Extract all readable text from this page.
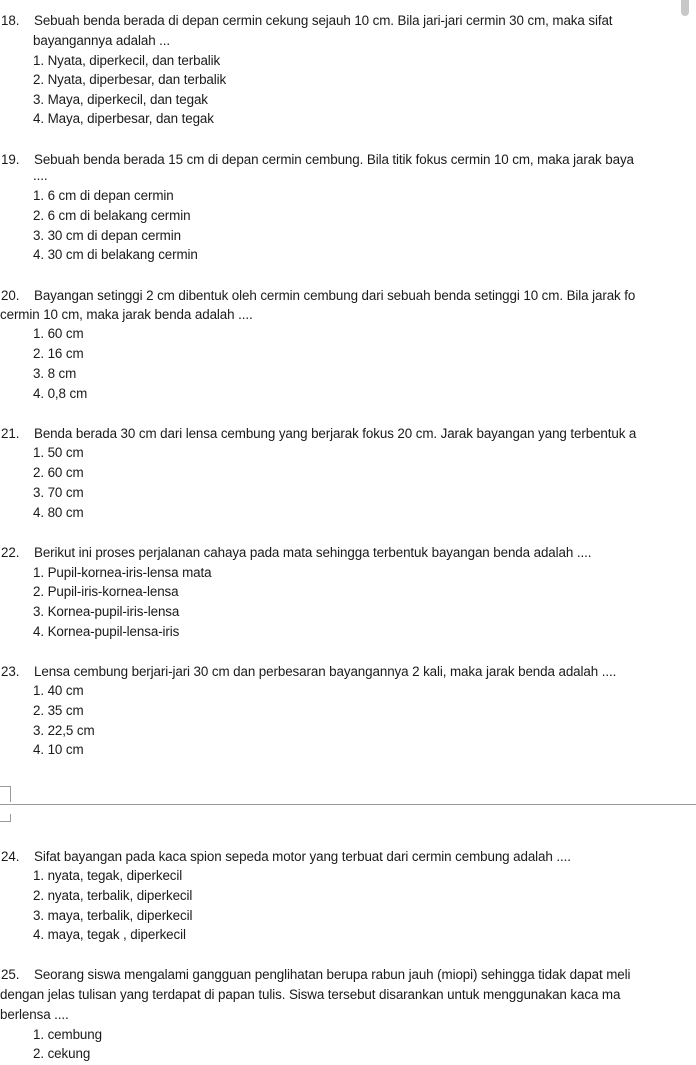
18. Sebuah benda berada di depan cermin cekung sejauh 10 cm. Bila jari-jari cermin 30 cm, maka sifat
bayangannya adalah ...
1. Nyata, diperkecil, dan terbalik
2. Nyata, diperbesar, dan terbalik
3. Maya, diperkecil, dan tegak
4. Maya, diperbesar, dan tegak
19. Sebuah benda berada 15 cm di depan cermin cembung. Bila titik fokus cermin 10 cm, maka jarak baya
....
1. 6 cm di depan cermin
2. 6 cm di belakang cermin
3. 30 cm di depan cermin
4. 30 cm di belakang cermin
20. Bayangan setinggi 2 cm dibentuk oleh cermin cembung dari sebuah benda setinggi 10 cm. Bila jarak fo
cermin 10 cm, maka jarak benda adalah ....
1. 60 cm
2. 16 cm
3. 8 cm
4. 0,8 cm
21. Benda berada 30 cm dari lensa cembung yang berjarak fokus 20 cm. Jarak bayangan yang terbentuk a
1. 50 cm
2. 60 cm
3. 70 cm
4. 80 cm
22. Berikut ini proses perjalanan cahaya pada mata sehingga terbentuk bayangan benda adalah ....
1. Pupil-kornea-iris-lensa mata
2. Pupil-iris-kornea-lensa
3. Kornea-pupil-iris-lensa
4. Kornea-pupil-lensa-iris
23. Lensa cembung berjari-jari 30 cm dan perbesaran bayangannya 2 kali, maka jarak benda adalah ....
1. 40 cm
2. 35 cm
3. 22,5 cm
4. 10 cm
24. Sifat bayangan pada kaca spion sepeda motor yang terbuat dari cermin cembung adalah ....
1. nyata, tegak, diperkecil
2. nyata, terbalik, diperkecil
3. maya, terbalik, diperkecil
4. maya, tegak , diperkecil
25. Seorang siswa mengalami gangguan penglihatan berupa rabun jauh (miopi) sehingga tidak dapat meli
dengan jelas tulisan yang terdapat di papan tulis. Siswa tersebut disarankan untuk menggunakan kaca ma
berlensa ....
1. cembung
2. cekung
